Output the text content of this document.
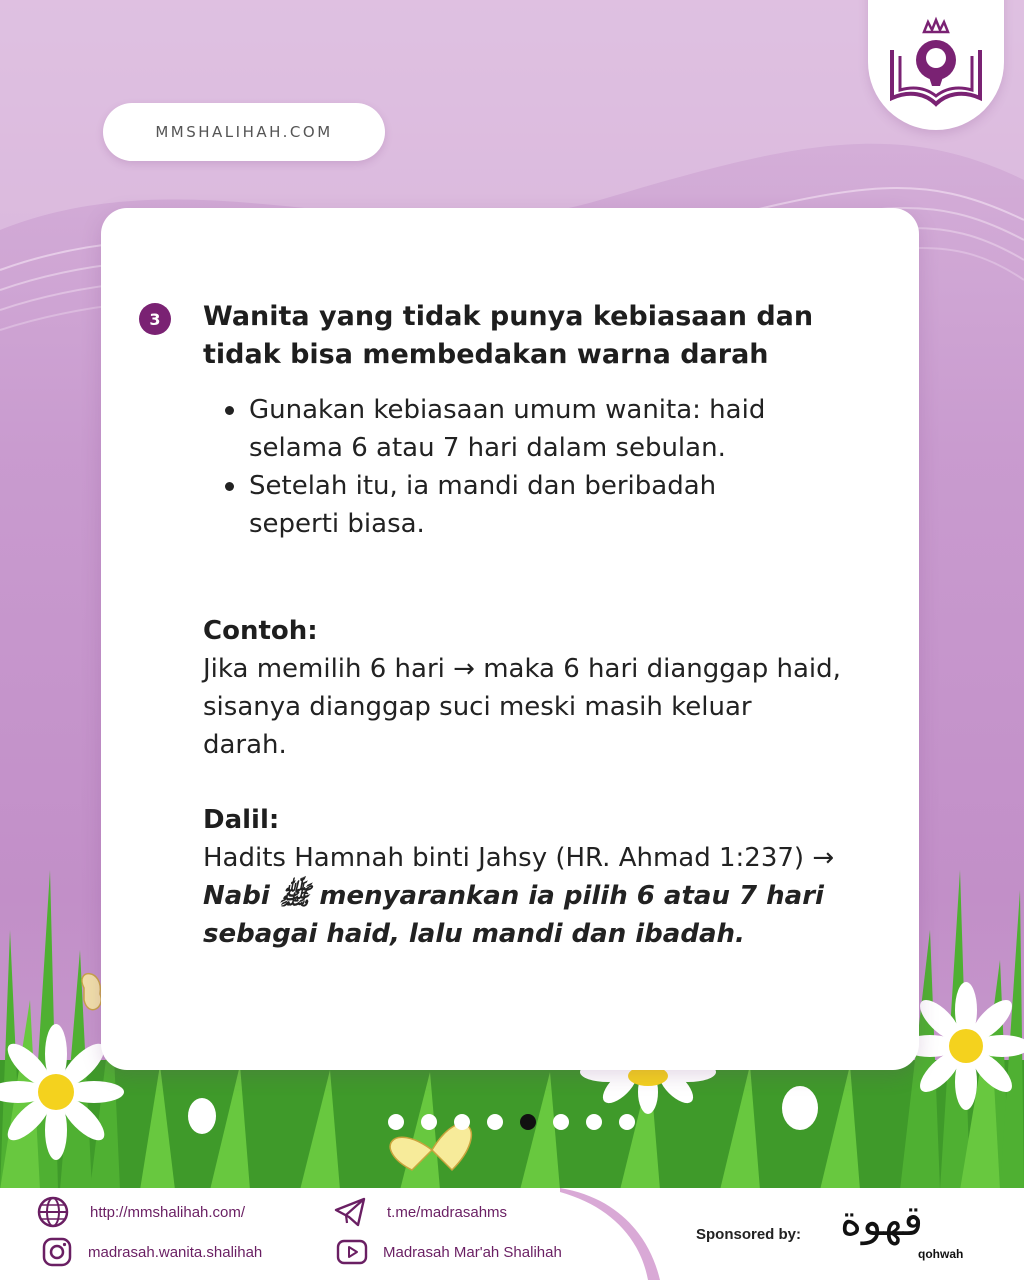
MMSHALIHAH.COM
3 Wanita yang tidak punya kebiasaan dan tidak bisa membedakan warna darah
Gunakan kebiasaan umum wanita: haid selama 6 atau 7 hari dalam sebulan.
Setelah itu, ia mandi dan beribadah seperti biasa.
Contoh:
Jika memilih 6 hari → maka 6 hari dianggap haid, sisanya dianggap suci meski masih keluar darah.
Dalil:
Hadits Hamnah binti Jahsy (HR. Ahmad 1:237) → Nabi ﷺ menyarankan ia pilih 6 atau 7 hari sebagai haid, lalu mandi dan ibadah.
http://mmshalihah.com/
madrasah.wanita.shalihah
t.me/madrasahms
Madrasah Mar'ah Shalihah
Sponsored by: قهوة
qohwah
